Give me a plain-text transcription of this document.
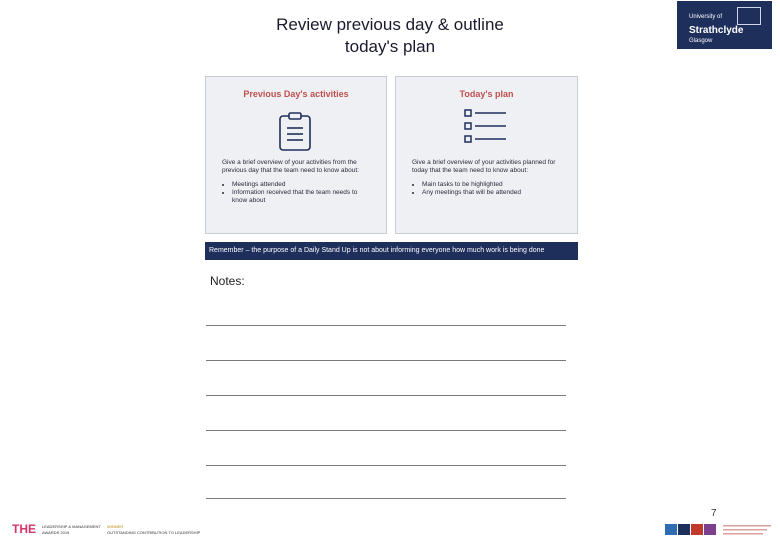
Review previous day & outline
today's plan
University of
Strathclyde
Glasgow
Previous Day's activities
Give a brief overview of your activities from the previous day that the team need to know about:
• Meetings attended
• Information received that the team needs to know about
Today's plan
Give a brief overview of your activities planned for today that the team need to know about:
• Main tasks to be highlighted
• Any meetings that will be attended
Remember – the purpose of a Daily Stand Up is not about informing everyone how much work is being done
Notes:
7
THE LEADERSHIP & MANAGEMENT
AWARDS 2019
WINNER
OUTSTANDING CONTRIBUTION TO LEADERSHIP
